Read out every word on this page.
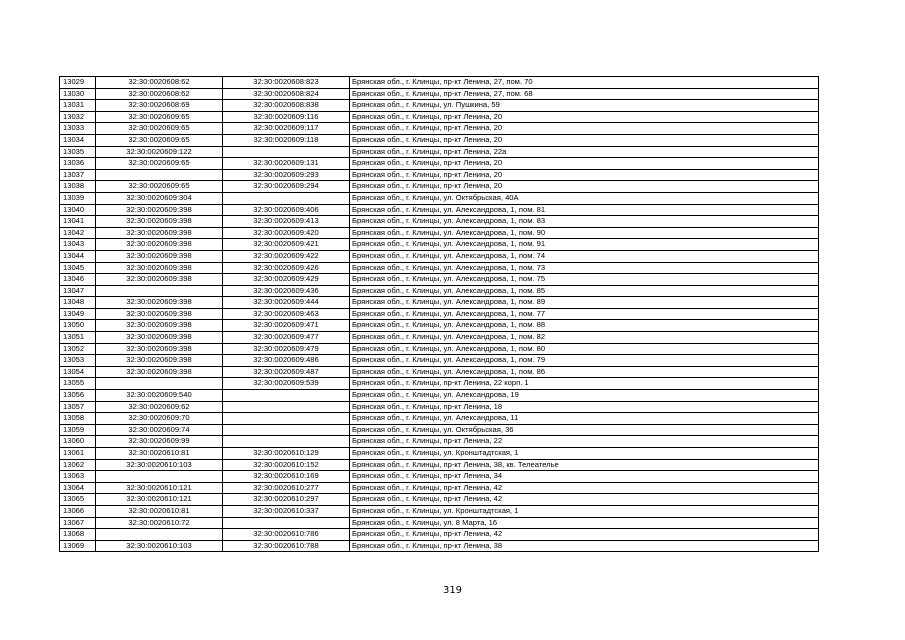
13029	32:30:0020608:62	32:30:0020608:823	Брянская обл., г. Клинцы, пр-кт Ленина, 27, пом. 70
13030	32:30:0020608:62	32:30:0020608:824	Брянская обл., г. Клинцы, пр-кт Ленина, 27, пом. 68
13031	32:30:0020608:69	32:30:0020608:838	Брянская обл., г. Клинцы, ул. Пушкина, 59
13032	32:30:0020609:65	32:30:0020609:116	Брянская обл., г. Клинцы, пр-кт Ленина, 20
13033	32:30:0020609:65	32:30:0020609:117	Брянская обл., г. Клинцы, пр-кт Ленина, 20
13034	32:30:0020609:65	32:30:0020609:118	Брянская обл., г. Клинцы, пр-кт Ленина, 20
13035	32:30:0020609:122		Брянская обл., г. Клинцы, пр-кт Ленина, 22а
13036	32:30:0020609:65	32:30:0020609:131	Брянская обл., г. Клинцы, пр-кт Ленина, 20
13037		32:30:0020609:293	Брянская обл., г. Клинцы, пр-кт Ленина, 20
13038	32:30:0020609:65	32:30:0020609:294	Брянская обл., г. Клинцы, пр-кт Ленина, 20
13039	32:30:0020609:304		Брянская обл., г. Клинцы, ул. Октябрьская, 40А
13040	32:30:0020609:398	32:30:0020609:406	Брянская обл., г. Клинцы, ул. Александрова, 1, пом. 81
13041	32:30:0020609:398	32:30:0020609:413	Брянская обл., г. Клинцы, ул. Александрова, 1, пом. 83
13042	32:30:0020609:398	32:30:0020609:420	Брянская обл., г. Клинцы, ул. Александрова, 1, пом. 90
13043	32:30:0020609:398	32:30:0020609:421	Брянская обл., г. Клинцы, ул. Александрова, 1, пом. 91
13044	32:30:0020609:398	32:30:0020609:422	Брянская обл., г. Клинцы, ул. Александрова, 1, пом. 74
13045	32:30:0020609:398	32:30:0020609:426	Брянская обл., г. Клинцы, ул. Александрова, 1, пом. 73
13046	32:30:0020609:398	32:30:0020609:429	Брянская обл., г. Клинцы, ул. Александрова, 1, пом. 75
13047		32:30:0020609:436	Брянская обл., г. Клинцы, ул. Александрова, 1, пом. 85
13048	32:30:0020609:398	32:30:0020609:444	Брянская обл., г. Клинцы, ул. Александрова, 1, пом. 89
13049	32:30:0020609:398	32:30:0020609:463	Брянская обл., г. Клинцы, ул. Александрова, 1, пом. 77
13050	32:30:0020609:398	32:30:0020609:471	Брянская обл., г. Клинцы, ул. Александрова, 1, пом. 88
13051	32:30:0020609:398	32:30:0020609:477	Брянская обл., г. Клинцы, ул. Александрова, 1, пом. 82
13052	32:30:0020609:398	32:30:0020609:479	Брянская обл., г. Клинцы, ул. Александрова, 1, пом. 80
13053	32:30:0020609:398	32:30:0020609:486	Брянская обл., г. Клинцы, ул. Александрова, 1, пом. 79
13054	32:30:0020609:398	32:30:0020609:487	Брянская обл., г. Клинцы, ул. Александрова, 1, пом. 86
13055		32:30:0020609:539	Брянская обл., г. Клинцы, пр-кт Ленина, 22 корп. 1
13056	32:30:0020609:540		Брянская обл., г. Клинцы, ул. Александрова, 19
13057	32:30:0020609:62		Брянская обл., г. Клинцы, пр-кт Ленина, 18
13058	32:30:0020609:70		Брянская обл., г. Клинцы, ул. Александрова, 11
13059	32:30:0020609:74		Брянская обл., г. Клинцы, ул. Октябрьская, 36
13060	32:30:0020609:99		Брянская обл., г. Клинцы, пр-кт Ленина, 22
13061	32:30:0020610:81	32:30:0020610:129	Брянская обл., г. Клинцы, ул. Кронштадтская, 1
13062	32:30:0020610:103	32:30:0020610:152	Брянская обл., г. Клинцы, пр-кт Ленина, 38, кв. Телеателье
13063		32:30:0020610:169	Брянская обл., г. Клинцы, пр-кт Ленина, 34
13064	32:30:0020610:121	32:30:0020610:277	Брянская обл., г. Клинцы, пр-кт Ленина, 42
13065	32:30:0020610:121	32:30:0020610:297	Брянская обл., г. Клинцы, пр-кт Ленина, 42
13066	32:30:0020610:81	32:30:0020610:337	Брянская обл., г. Клинцы, ул. Кронштадтская, 1
13067	32:30:0020610:72		Брянская обл., г. Клинцы, ул. 8 Марта, 16
13068		32:30:0020610:786	Брянская обл., г. Клинцы, пр-кт Ленина, 42
13069	32:30:0020610:103	32:30:0020610:788	Брянская обл., г. Клинцы, пр-кт Ленина, 38
319
